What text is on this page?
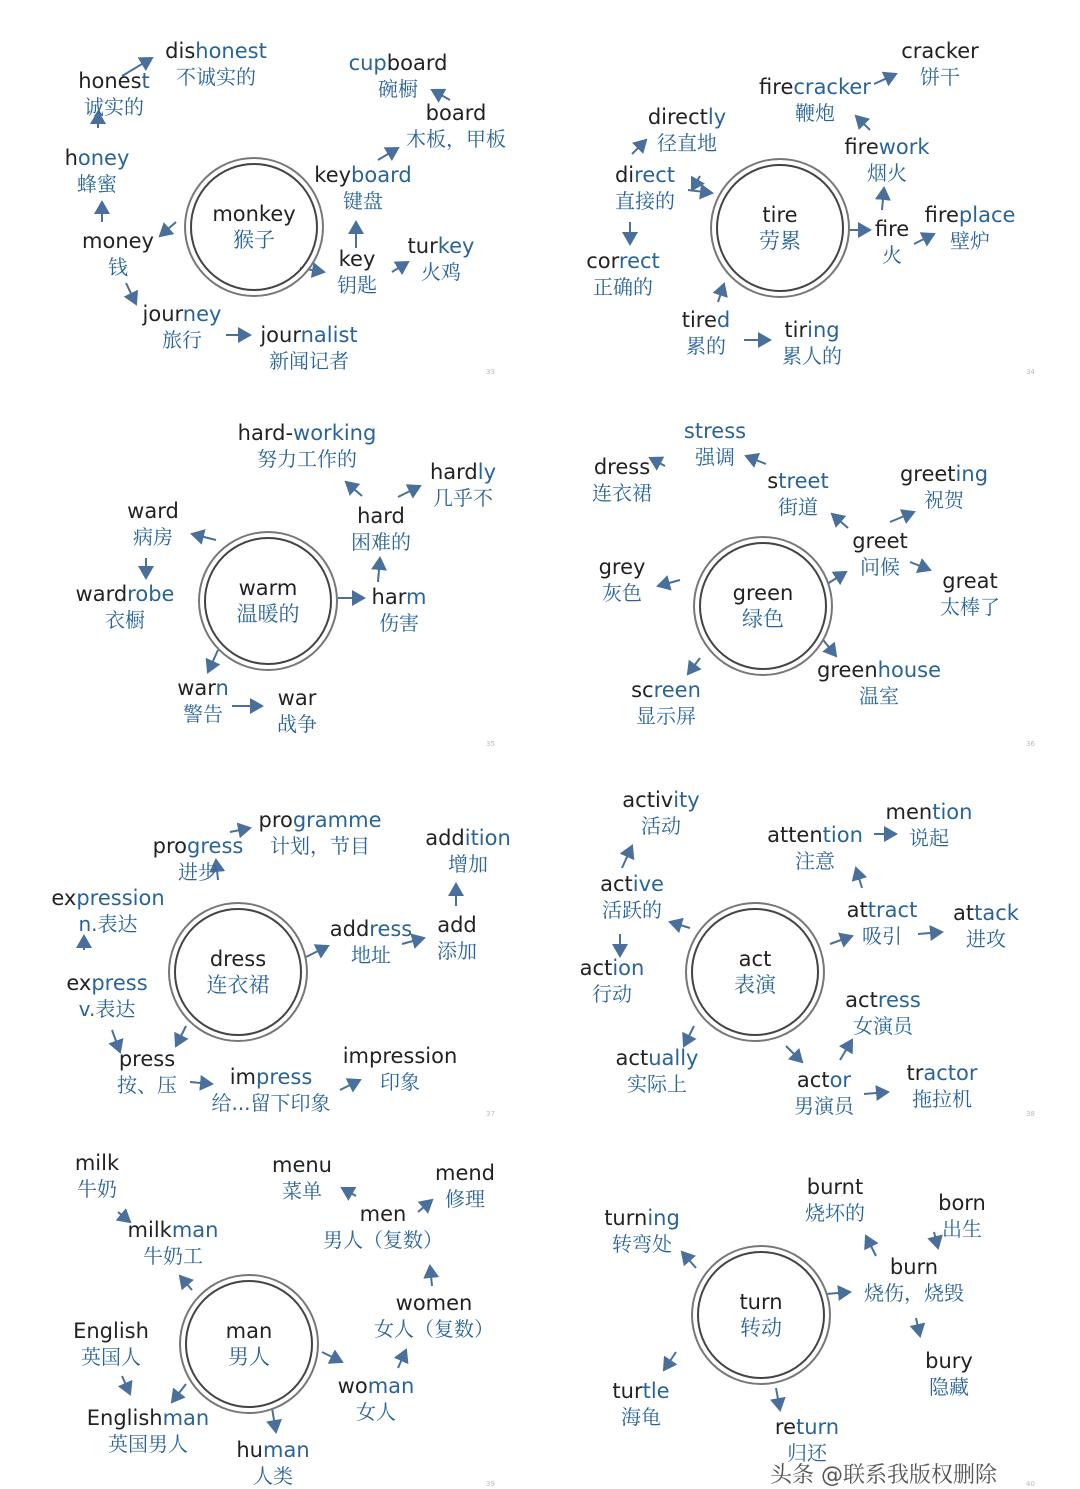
monkey
猴子
dishonest
不诚实的
honest
诚实的
cupboard
碗橱
board
木板，甲板
honey
蜂蜜	keyboard
键盘
money
钱	key
钥匙
turkey
火鸡
journey
旅行	journalist
新闻记者	33
tire
劳累
cracker
饼干
firecracker
鞭炮
directly
径直地	firework
烟火
direct
直接的
fire
火
fireplace
壁炉
correct
正确的
tired
累的
tiring
累人的
34
warm
温暖的
hard-working
努力工作的
hardly
几乎不
ward
病房
hard
困难的
wardrobe
衣橱
harm
伤害
warn
警告
war
战争
35
green
绿色
stress
强调
dress
连衣裙	street
街道
greeting
祝贺
greet
问候
grey
灰色	great
太棒了
greenhouse
温室
screen
显示屏
36
dress
连衣裙
programme
计划，节目
progress
进步
addition
增加
expression
n.表达	address
地址
add
添加
express
v.表达
press
按、压	impress
给...留下印象
impression
印象
37
act
表演
activity
活动
mention
说起
attention
注意
active
活跃的	attract
吸引
attack
进攻
action
行动	actress
女演员
actually
实际上	actor
男演员
tractor
拖拉机
38
man
男人
milk
牛奶
menu
菜单
mend
修理
milkman
牛奶工
men
男人（复数）
women
女人（复数）
English
英国人
woman
女人
Englishman
英国男人	human
人类	39
turn
转动
burnt
烧坏的	born
出生
turning
转弯处
burn
烧伤，烧毁
bury
隐藏
turtle
海龟	return
归还
40
头条 @联系我版权删除
